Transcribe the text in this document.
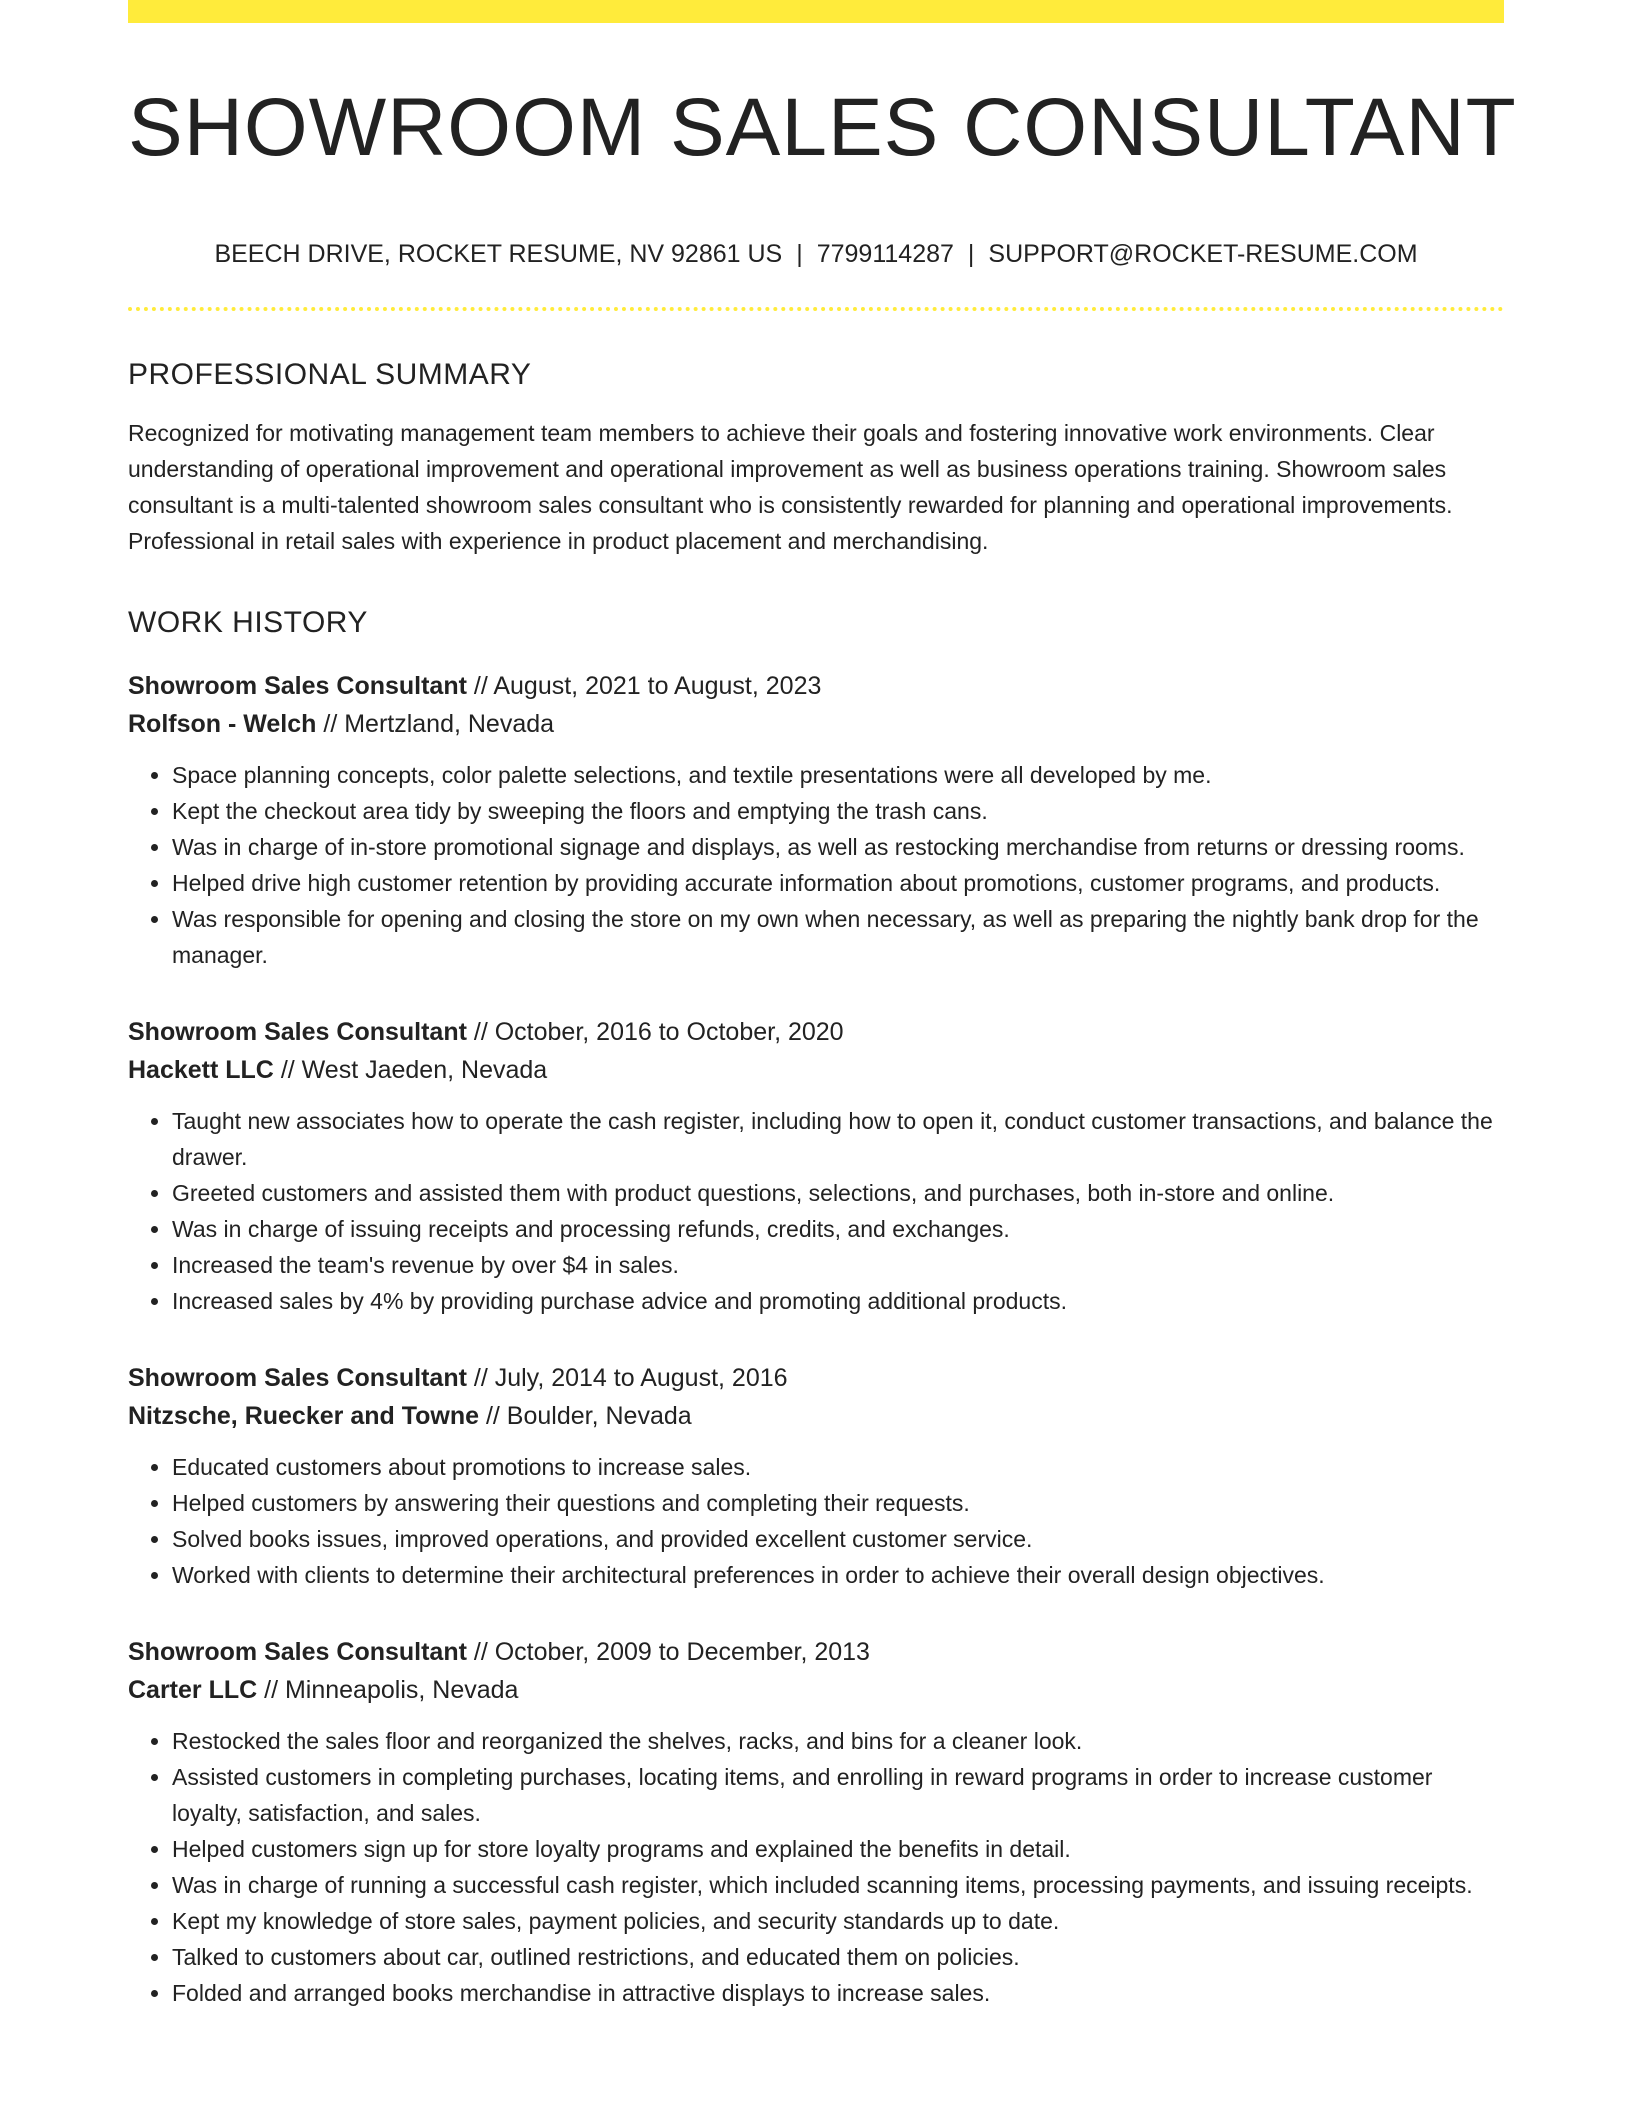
SHOWROOM SALES CONSULTANT
BEECH DRIVE, ROCKET RESUME, NV 92861 US | 7799114287 | SUPPORT@ROCKET-RESUME.COM
PROFESSIONAL SUMMARY

Recognized for motivating management team members to achieve their goals and fostering innovative work environments. Clear understanding of operational improvement and operational improvement as well as business operations training. Showroom sales consultant is a multi-talented showroom sales consultant who is consistently rewarded for planning and operational improvements. Professional in retail sales with experience in product placement and merchandising.

WORK HISTORY
Showroom Sales Consultant // August, 2021 to August, 2023
Rolfson - Welch // Mertzland, Nevada
• Space planning concepts, color palette selections, and textile presentations were all developed by me.
• Kept the checkout area tidy by sweeping the floors and emptying the trash cans.
• Was in charge of in-store promotional signage and displays, as well as restocking merchandise from returns or dressing rooms.
• Helped drive high customer retention by providing accurate information about promotions, customer programs, and products.
• Was responsible for opening and closing the store on my own when necessary, as well as preparing the nightly bank drop for the manager.
Showroom Sales Consultant // October, 2016 to October, 2020
Hackett LLC // West Jaeden, Nevada
• Taught new associates how to operate the cash register, including how to open it, conduct customer transactions, and balance the drawer.
• Greeted customers and assisted them with product questions, selections, and purchases, both in-store and online.
• Was in charge of issuing receipts and processing refunds, credits, and exchanges.
• Increased the team's revenue by over $4 in sales.
• Increased sales by 4% by providing purchase advice and promoting additional products.
Showroom Sales Consultant // July, 2014 to August, 2016
Nitzsche, Ruecker and Towne // Boulder, Nevada
• Educated customers about promotions to increase sales.
• Helped customers by answering their questions and completing their requests.
• Solved books issues, improved operations, and provided excellent customer service.
• Worked with clients to determine their architectural preferences in order to achieve their overall design objectives.
Showroom Sales Consultant // October, 2009 to December, 2013
Carter LLC // Minneapolis, Nevada
• Restocked the sales floor and reorganized the shelves, racks, and bins for a cleaner look.
• Assisted customers in completing purchases, locating items, and enrolling in reward programs in order to increase customer loyalty, satisfaction, and sales.
• Helped customers sign up for store loyalty programs and explained the benefits in detail.
• Was in charge of running a successful cash register, which included scanning items, processing payments, and issuing receipts.
• Kept my knowledge of store sales, payment policies, and security standards up to date.
• Talked to customers about car, outlined restrictions, and educated them on policies.
• Folded and arranged books merchandise in attractive displays to increase sales.
